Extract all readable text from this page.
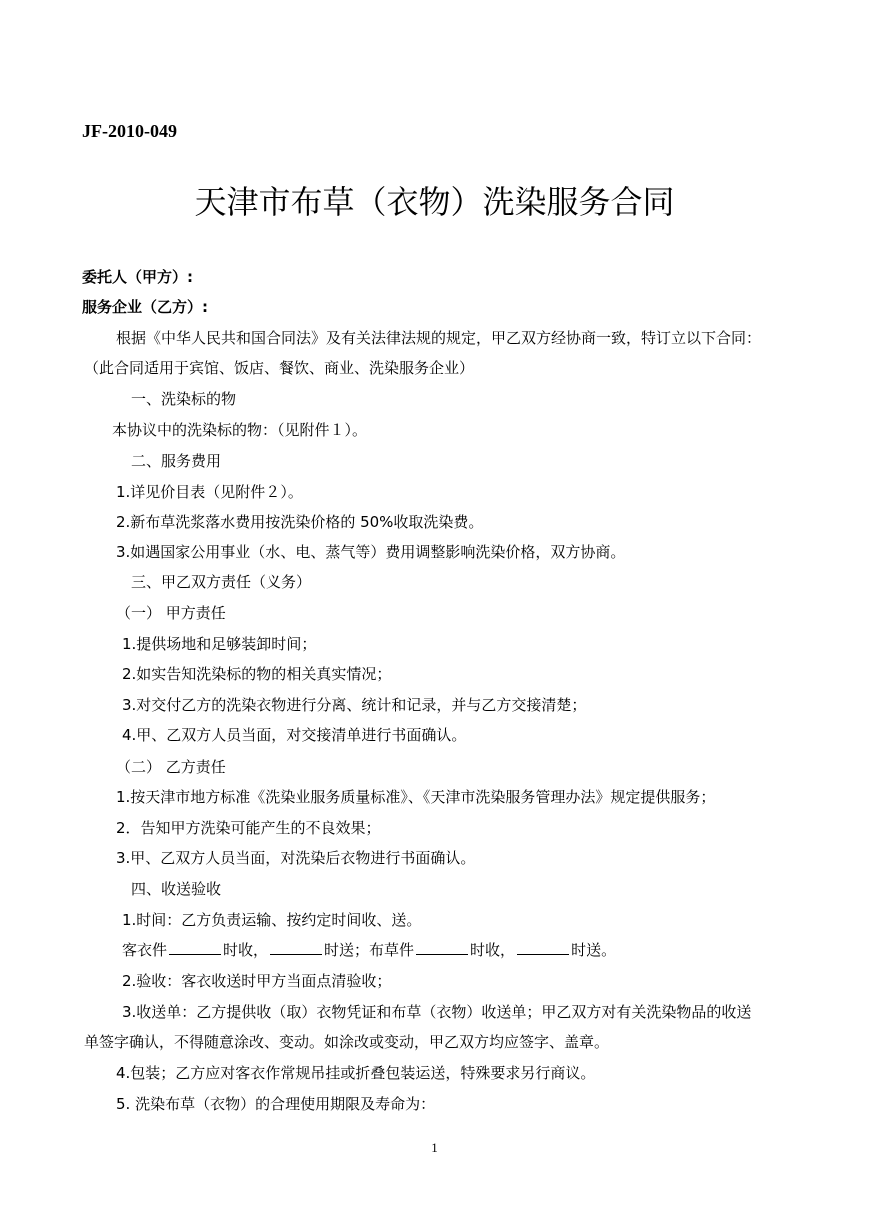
JF-2010-049
天津市布草（衣物）洗染服务合同
委托人（甲方）:
服务企业（乙方）:
根据《中华人民共和国合同法》及有关法律法规的规定，甲乙双方经协商一致，特订立以下合同：
（此合同适用于宾馆、饭店、餐饮、商业、洗染服务企业）
一、洗染标的物
本协议中的洗染标的物：（见附件１）。
二、服务费用
1.详见价目表（见附件２）。
2.新布草洗浆落水费用按洗染价格的 50%收取洗染费。
3.如遇国家公用事业（水、电、蒸气等）费用调整影响洗染价格，双方协商。
三、甲乙双方责任（义务）
（一） 甲方责任
1.提供场地和足够装卸时间；
2.如实告知洗染标的物的相关真实情况；
3.对交付乙方的洗染衣物进行分离、统计和记录，并与乙方交接清楚；
4.甲、乙双方人员当面，对交接清单进行书面确认。
（二） 乙方责任
1.按天津市地方标准《洗染业服务质量标准》、《天津市洗染服务管理办法》规定提供服务；
2．告知甲方洗染可能产生的不良效果；
3.甲、乙双方人员当面，对洗染后衣物进行书面确认。
四、收送验收
1.时间：乙方负责运输、按约定时间收、送。
客衣件	时收，	时送；布草件	时收，	时送。
2.验收：客衣收送时甲方当面点清验收；
3.收送单：乙方提供收（取）衣物凭证和布草（衣物）收送单；甲乙双方对有关洗染物品的收送
单签字确认，不得随意涂改、变动。如涂改或变动，甲乙双方均应签字、盖章。
4.包装；乙方应对客衣作常规吊挂或折叠包装运送，特殊要求另行商议。
5. 洗染布草（衣物）的合理使用期限及寿命为：
1
